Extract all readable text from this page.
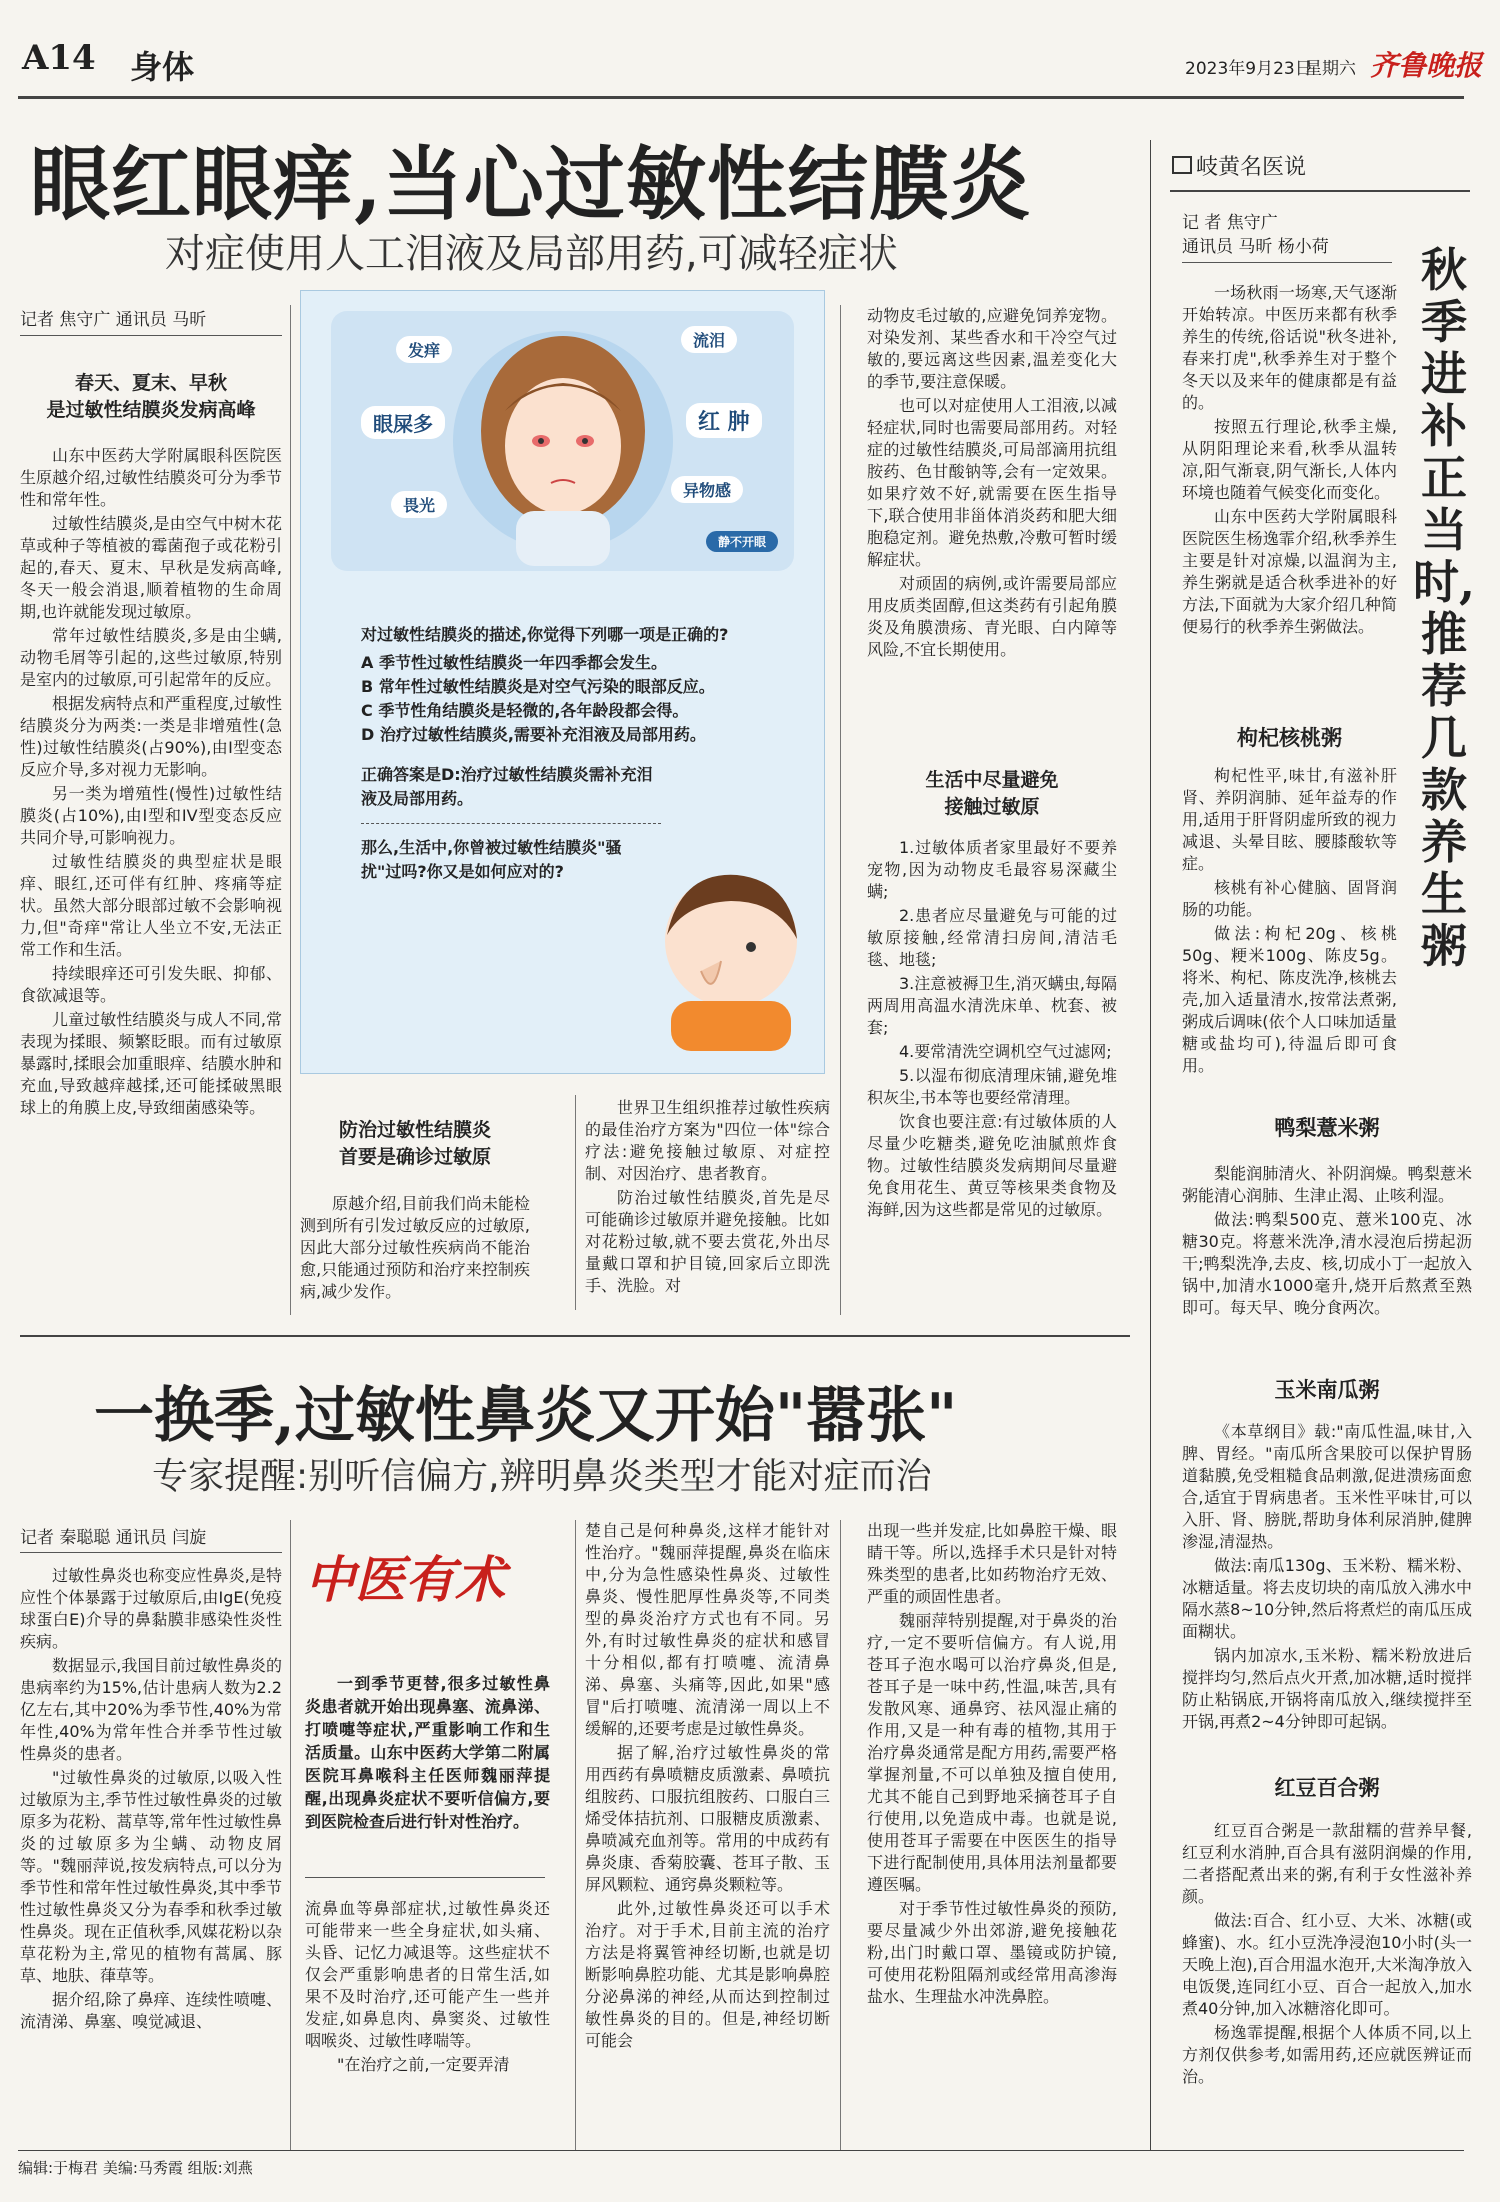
A14 身体	2023年9月23日
星期六 齐鲁晚报
眼红眼痒,当心过敏性结膜炎
对症使用人工泪液及局部用药,可减轻症状
记者 焦守广 通讯员 马昕
春天、夏末、早秋
是过敏性结膜炎发病高峰

山东中医药大学附属眼科医院医生原越介绍,过敏性结膜炎可分为季节性和常年性。

过敏性结膜炎,是由空气中树木花草或种子等植被的霉菌孢子或花粉引起的,春天、夏末、早秋是发病高峰,冬天一般会消退,顺着植物的生命周期,也许就能发现过敏原。

常年过敏性结膜炎,多是由尘螨,动物毛屑等引起的,这些过敏原,特别是室内的过敏原,可引起常年的反应。

根据发病特点和严重程度,过敏性结膜炎分为两类:一类是非增殖性(急性)过敏性结膜炎(占90%),由I型变态反应介导,多对视力无影响。

另一类为增殖性(慢性)过敏性结膜炎(占10%),由I型和IV型变态反应共同介导,可影响视力。

过敏性结膜炎的典型症状是眼痒、眼红,还可伴有红肿、疼痛等症状。虽然大部分眼部过敏不会影响视力,但"奇痒"常让人坐立不安,无法正常工作和生活。

持续眼痒还可引发失眠、抑郁、食欲减退等。

儿童过敏性结膜炎与成人不同,常表现为揉眼、频繁眨眼。而有过敏原暴露时,揉眼会加重眼痒、结膜水肿和充血,导致越痒越揉,还可能揉破黑眼球上的角膜上皮,导致细菌感染等。

发痒
流泪
眼屎多	红 肿
畏光
异物感
静不开眼
对过敏性结膜炎的描述,你觉得下列哪一项是正确的?
A 季节性过敏性结膜炎一年四季都会发生。
B 常年性过敏性结膜炎是对空气污染的眼部反应。
C 季节性角结膜炎是轻微的,各年龄段都会得。
D 治疗过敏性结膜炎,需要补充泪液及局部用药。
正确答案是D:治疗过敏性结膜炎需补充泪液及局部用药。
那么,生活中,你曾被过敏性结膜炎"骚扰"过吗?你又是如何应对的?
防治过敏性结膜炎
首要是确诊过敏原

原越介绍,目前我们尚未能检测到所有引发过敏反应的过敏原,因此大部分过敏性疾病尚不能治愈,只能通过预防和治疗来控制疾病,减少发作。

世界卫生组织推荐过敏性疾病的最佳治疗方案为"四位一体"综合疗法:避免接触过敏原、对症控制、对因治疗、患者教育。

防治过敏性结膜炎,首先是尽可能确诊过敏原并避免接触。比如对花粉过敏,就不要去赏花,外出尽量戴口罩和护目镜,回家后立即洗手、洗脸。对

动物皮毛过敏的,应避免饲养宠物。对染发剂、某些香水和干冷空气过敏的,要远离这些因素,温差变化大的季节,要注意保暖。

也可以对症使用人工泪液,以减轻症状,同时也需要局部用药。对轻症的过敏性结膜炎,可局部滴用抗组胺药、色甘酸钠等,会有一定效果。如果疗效不好,就需要在医生指导下,联合使用非甾体消炎药和肥大细胞稳定剂。避免热敷,冷敷可暂时缓解症状。

对顽固的病例,或许需要局部应用皮质类固醇,但这类药有引起角膜炎及角膜溃疡、青光眼、白内障等风险,不宜长期使用。

生活中尽量避免
接触过敏原

1.过敏体质者家里最好不要养宠物,因为动物皮毛最容易深藏尘螨;

2.患者应尽量避免与可能的过敏原接触,经常清扫房间,清洁毛毯、地毯;

3.注意被褥卫生,消灭螨虫,每隔两周用高温水清洗床单、枕套、被套;

4.要常清洗空调机空气过滤网;

5.以湿布彻底清理床铺,避免堆积灰尘,书本等也要经常清理。

饮食也要注意:有过敏体质的人尽量少吃糖类,避免吃油腻煎炸食物。过敏性结膜炎发病期间尽量避免食用花生、黄豆等核果类食物及海鲜,因为这些都是常见的过敏原。

一换季,过敏性鼻炎又开始"嚣张"
专家提醒:别听信偏方,辨明鼻炎类型才能对症而治
记者 秦聪聪 通讯员 闫旋

过敏性鼻炎也称变应性鼻炎,是特应性个体暴露于过敏原后,由IgE(免疫球蛋白E)介导的鼻黏膜非感染性炎性疾病。

数据显示,我国目前过敏性鼻炎的患病率约为15%,估计患病人数为2.2亿左右,其中20%为季节性,40%为常年性,40%为常年性合并季节性过敏性鼻炎的患者。

"过敏性鼻炎的过敏原,以吸入性过敏原为主,季节性过敏性鼻炎的过敏原多为花粉、蒿草等,常年性过敏性鼻炎的过敏原多为尘螨、动物皮屑等。"魏丽萍说,按发病特点,可以分为季节性和常年性过敏性鼻炎,其中季节性过敏性鼻炎又分为春季和秋季过敏性鼻炎。现在正值秋季,风媒花粉以杂草花粉为主,常见的植物有蒿属、豚草、地肤、葎草等。

据介绍,除了鼻痒、连续性喷嚏、流清涕、鼻塞、嗅觉减退、

中医有术

一到季节更替,很多过敏性鼻炎患者就开始出现鼻塞、流鼻涕、打喷嚏等症状,严重影响工作和生活质量。山东中医药大学第二附属医院耳鼻喉科主任医师魏丽萍提醒,出现鼻炎症状不要听信偏方,要到医院检查后进行针对性治疗。

流鼻血等鼻部症状,过敏性鼻炎还可能带来一些全身症状,如头痛、头昏、记忆力减退等。这些症状不仅会严重影响患者的日常生活,如果不及时治疗,还可能产生一些并发症,如鼻息肉、鼻窦炎、过敏性咽喉炎、过敏性哮喘等。

"在治疗之前,一定要弄清

楚自己是何种鼻炎,这样才能针对性治疗。"魏丽萍提醒,鼻炎在临床中,分为急性感染性鼻炎、过敏性鼻炎、慢性肥厚性鼻炎等,不同类型的鼻炎治疗方式也有不同。另外,有时过敏性鼻炎的症状和感冒十分相似,都有打喷嚏、流清鼻涕、鼻塞、头痛等,因此,如果"感冒"后打喷嚏、流清涕一周以上不缓解的,还要考虑是过敏性鼻炎。

据了解,治疗过敏性鼻炎的常用西药有鼻喷糖皮质激素、鼻喷抗组胺药、口服抗组胺药、口服白三烯受体拮抗剂、口服糖皮质激素、鼻喷减充血剂等。常用的中成药有鼻炎康、香菊胶囊、苍耳子散、玉屏风颗粒、通窍鼻炎颗粒等。

此外,过敏性鼻炎还可以手术治疗。对于手术,目前主流的治疗方法是将翼管神经切断,也就是切断影响鼻腔功能、尤其是影响鼻腔分泌鼻涕的神经,从而达到控制过敏性鼻炎的目的。但是,神经切断可能会

出现一些并发症,比如鼻腔干燥、眼睛干等。所以,选择手术只是针对特殊类型的患者,比如药物治疗无效、严重的顽固性患者。

魏丽萍特别提醒,对于鼻炎的治疗,一定不要听信偏方。有人说,用苍耳子泡水喝可以治疗鼻炎,但是,苍耳子是一味中药,性温,味苦,具有发散风寒、通鼻窍、祛风湿止痛的作用,又是一种有毒的植物,其用于治疗鼻炎通常是配方用药,需要严格掌握剂量,不可以单独及擅自使用,尤其不能自己到野地采摘苍耳子自行使用,以免造成中毒。也就是说,使用苍耳子需要在中医医生的指导下进行配制使用,具体用法剂量都要遵医嘱。

对于季节性过敏性鼻炎的预防,要尽量减少外出郊游,避免接触花粉,出门时戴口罩、墨镜或防护镜,可使用花粉阻隔剂或经常用高渗海盐水、生理盐水冲洗鼻腔。

岐黄名医说
记 者 焦守广
通讯员 马昕 杨小荷 秋季进补正当时,
推荐几款养生粥

一场秋雨一场寒,天气逐渐开始转凉。中医历来都有秋季养生的传统,俗话说"秋冬进补,春来打虎",秋季养生对于整个冬天以及来年的健康都是有益的。

按照五行理论,秋季主燥,从阴阳理论来看,秋季从温转凉,阳气渐衰,阴气渐长,人体内环境也随着气候变化而变化。

山东中医药大学附属眼科医院医生杨逸霏介绍,秋季养生主要是针对凉燥,以温润为主,养生粥就是适合秋季进补的好方法,下面就为大家介绍几种简便易行的秋季养生粥做法。

枸杞核桃粥

枸杞性平,味甘,有滋补肝肾、养阴润肺、延年益寿的作用,适用于肝肾阴虚所致的视力减退、头晕目眩、腰膝酸软等症。

核桃有补心健脑、固肾润肠的功能。

做法:枸杞20g、核桃50g、粳米100g、陈皮5g。将米、枸杞、陈皮洗净,核桃去壳,加入适量清水,按常法煮粥,粥成后调味(依个人口味加适量糖或盐均可),待温后即可食用。

鸭梨薏米粥

梨能润肺清火、补阴润燥。鸭梨薏米粥能清心润肺、生津止渴、止咳利湿。

做法:鸭梨500克、薏米100克、冰糖30克。将薏米洗净,清水浸泡后捞起沥干;鸭梨洗净,去皮、核,切成小丁一起放入锅中,加清水1000毫升,烧开后熬煮至熟即可。每天早、晚分食两次。

玉米南瓜粥

《本草纲目》载:"南瓜性温,味甘,入脾、胃经。"南瓜所含果胶可以保护胃肠道黏膜,免受粗糙食品刺激,促进溃疡面愈合,适宜于胃病患者。玉米性平味甘,可以入肝、肾、膀胱,帮助身体利尿消肿,健脾渗湿,清湿热。

做法:南瓜130g、玉米粉、糯米粉、冰糖适量。将去皮切块的南瓜放入沸水中隔水蒸8~10分钟,然后将煮烂的南瓜压成面糊状。

锅内加凉水,玉米粉、糯米粉放进后搅拌均匀,然后点火开煮,加冰糖,适时搅拌防止粘锅底,开锅将南瓜放入,继续搅拌至开锅,再煮2~4分钟即可起锅。

红豆百合粥

红豆百合粥是一款甜糯的营养早餐,红豆利水消肿,百合具有滋阴润燥的作用,二者搭配煮出来的粥,有利于女性滋补养颜。

做法:百合、红小豆、大米、冰糖(或蜂蜜)、水。红小豆洗净浸泡10小时(头一天晚上泡),百合用温水泡开,大米淘净放入电饭煲,连同红小豆、百合一起放入,加水煮40分钟,加入冰糖溶化即可。

杨逸霏提醒,根据个人体质不同,以上方剂仅供参考,如需用药,还应就医辨证而治。

编辑:于梅君 美编:马秀霞 组版:刘燕
